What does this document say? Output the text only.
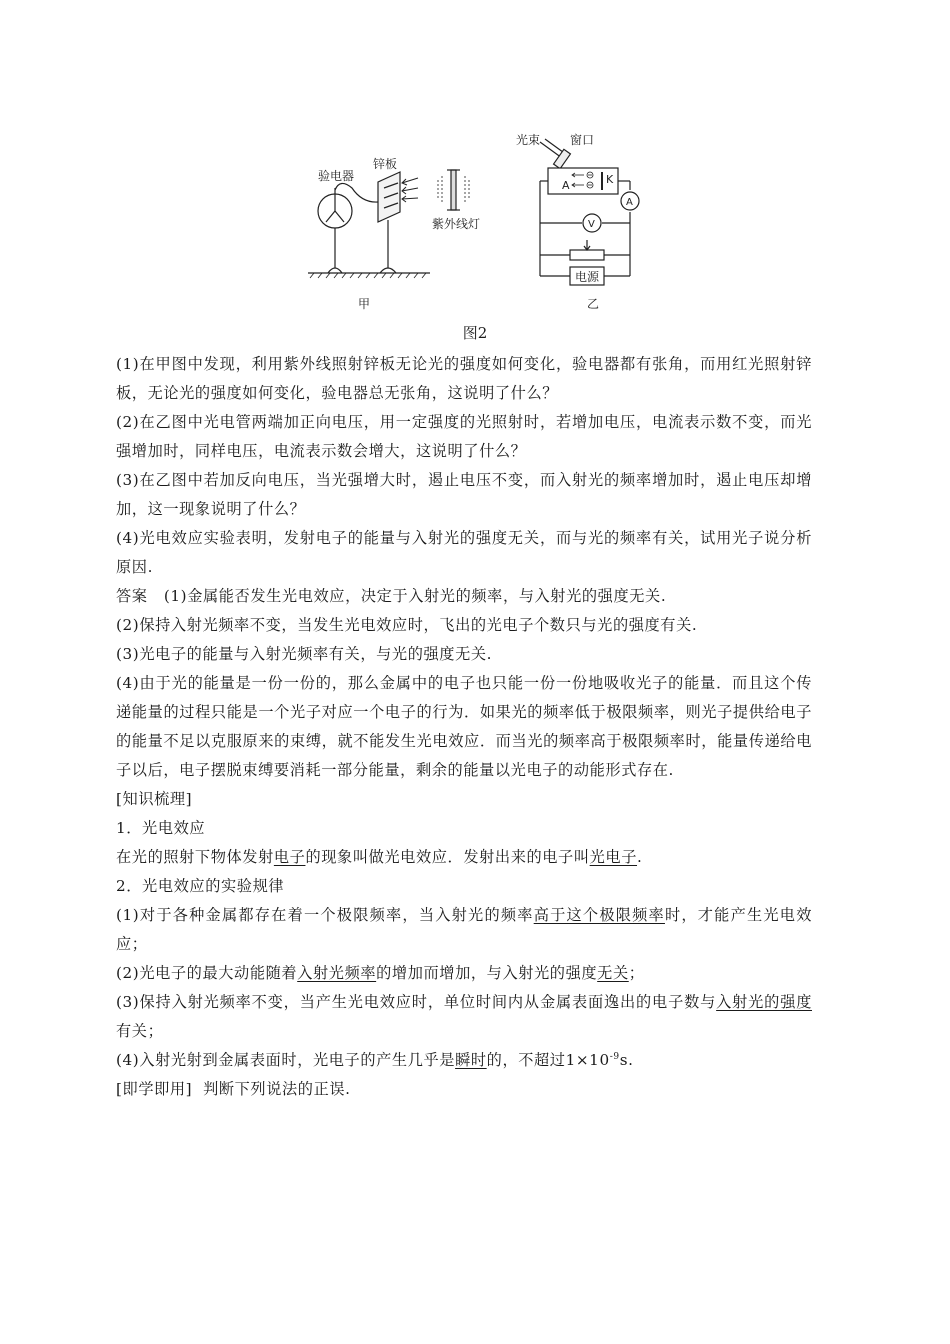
验电器
锌板
紫外线灯
甲
光束 窗口
A	K
V
A
电源
乙
图2

(1)在甲图中发现，利用紫外线照射锌板无论光的强度如何变化，验电器都有张角，而用红光照射锌板，无论光的强度如何变化，验电器总无张角，这说明了什么？

(2)在乙图中光电管两端加正向电压，用一定强度的光照射时，若增加电压，电流表示数不变，而光强增加时，同样电压，电流表示数会增大，这说明了什么？

(3)在乙图中若加反向电压，当光强增大时，遏止电压不变，而入射光的频率增加时，遏止电压却增加，这一现象说明了什么？

(4)光电效应实验表明，发射电子的能量与入射光的强度无关，而与光的频率有关，试用光子说分析原因.

答案 (1)金属能否发生光电效应，决定于入射光的频率，与入射光的强度无关.

(2)保持入射光频率不变，当发生光电效应时，飞出的光电子个数只与光的强度有关.

(3)光电子的能量与入射光频率有关，与光的强度无关.

(4)由于光的能量是一份一份的，那么金属中的电子也只能一份一份地吸收光子的能量．而且这个传递能量的过程只能是一个光子对应一个电子的行为．如果光的频率低于极限频率，则光子提供给电子的能量不足以克服原来的束缚，就不能发生光电效应．而当光的频率高于极限频率时，能量传递给电子以后，电子摆脱束缚要消耗一部分能量，剩余的能量以光电子的动能形式存在.

[知识梳理]

1．光电效应

在光的照射下物体发射电子的现象叫做光电效应．发射出来的电子叫光电子.

2．光电效应的实验规律

(1)对于各种金属都存在着一个极限频率，当入射光的频率高于这个极限频率时，才能产生光电效应；

(2)光电子的最大动能随着入射光频率的增加而增加，与入射光的强度无关；

(3)保持入射光频率不变，当产生光电效应时，单位时间内从金属表面逸出的电子数与入射光的强度有关；

(4)入射光射到金属表面时，光电子的产生几乎是瞬时的，不超过$1\times 10^{-9}s$.

[即学即用] 判断下列说法的正误.
